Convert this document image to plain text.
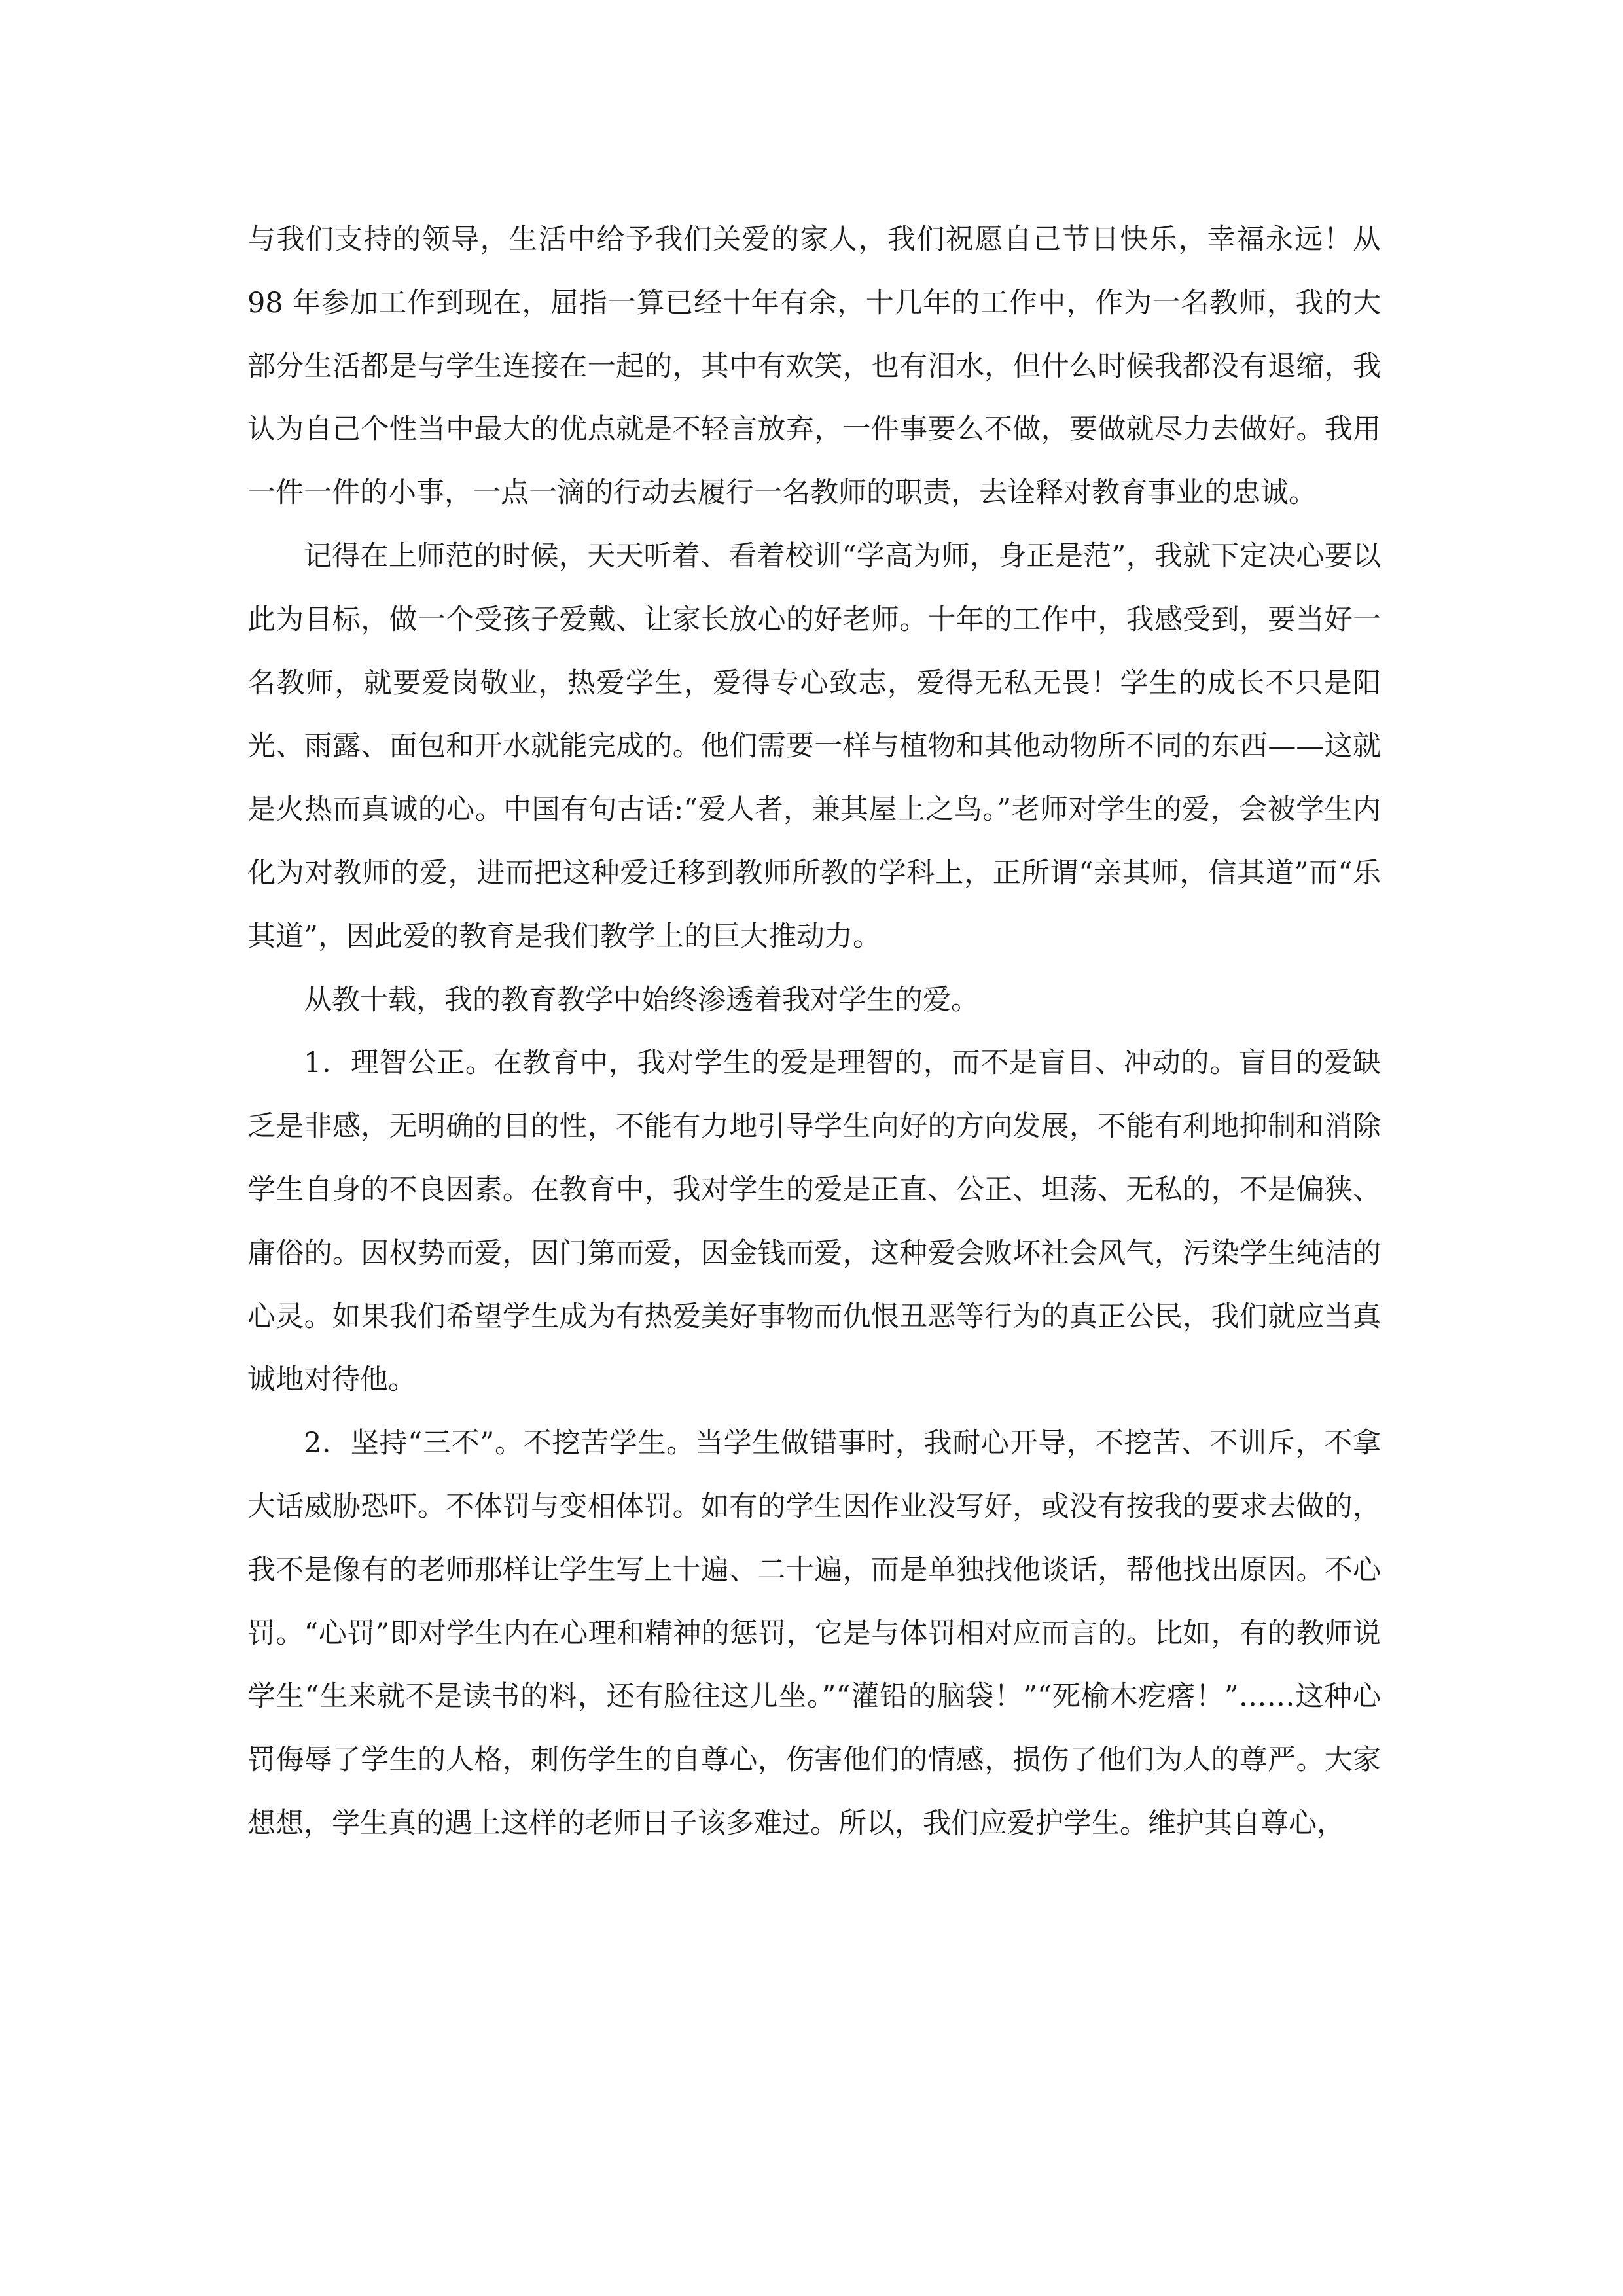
与我们支持的领导，生活中给予我们关爱的家人，我们祝愿自己节日快乐，幸福永远！从 98 年参加工作到现在，屈指一算已经十年有余，十几年的工作中，作为一名教师，我的大部分生活都是与学生连接在一起的，其中有欢笑，也有泪水，但什么时候我都没有退缩，我认为自己个性当中最大的优点就是不轻言放弃，一件事要么不做，要做就尽力去做好。我用一件一件的小事，一点一滴的行动去履行一名教师的职责，去诠释对教育事业的忠诚。

记得在上师范的时候，天天听着、看着校训“学高为师，身正是范”，我就下定决心要以此为目标，做一个受孩子爱戴、让家长放心的好老师。十年的工作中，我感受到，要当好一名教师，就要爱岗敬业，热爱学生，爱得专心致志，爱得无私无畏！学生的成长不只是阳光、雨露、面包和开水就能完成的。他们需要一样与植物和其他动物所不同的东西——这就是火热而真诚的心。中国有句古话:“爱人者，兼其屋上之鸟。”老师对学生的爱，会被学生内化为对教师的爱，进而把这种爱迁移到教师所教的学科上，正所谓“亲其师，信其道”而“乐其道”，因此爱的教育是我们教学上的巨大推动力。

从教十载，我的教育教学中始终渗透着我对学生的爱。

1．理智公正。在教育中，我对学生的爱是理智的，而不是盲目、冲动的。盲目的爱缺乏是非感，无明确的目的性，不能有力地引导学生向好的方向发展，不能有利地抑制和消除学生自身的不良因素。在教育中，我对学生的爱是正直、公正、坦荡、无私的，不是偏狭、庸俗的。因权势而爱，因门第而爱，因金钱而爱，这种爱会败坏社会风气，污染学生纯洁的心灵。如果我们希望学生成为有热爱美好事物而仇恨丑恶等行为的真正公民，我们就应当真诚地对待他。

2．坚持“三不”。不挖苦学生。当学生做错事时，我耐心开导，不挖苦、不训斥，不拿大话威胁恐吓。不体罚与变相体罚。如有的学生因作业没写好，或没有按我的要求去做的，我不是像有的老师那样让学生写上十遍、二十遍，而是单独找他谈话，帮他找出原因。不心罚。“心罚”即对学生内在心理和精神的惩罚，它是与体罚相对应而言的。比如，有的教师说学生“生来就不是读书的料，还有脸往这儿坐。”“灌铅的脑袋！”“死榆木疙瘩！”……这种心罚侮辱了学生的人格，刺伤学生的自尊心，伤害他们的情感，损伤了他们为人的尊严。大家想想，学生真的遇上这样的老师日子该多难过。所以，我们应爱护学生。维护其自尊心，
